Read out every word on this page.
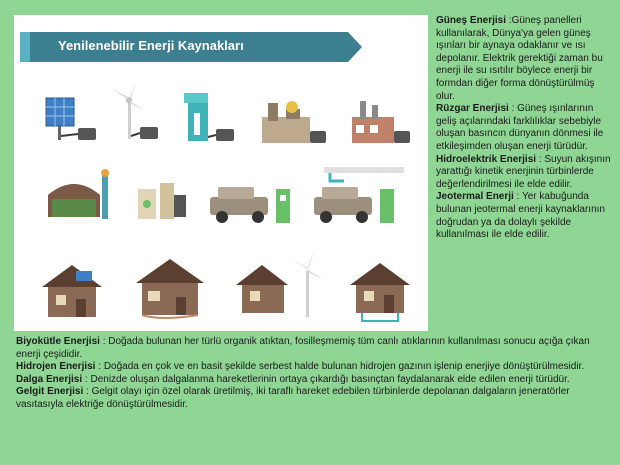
Yenilenebilir Enerji Kaynakları

Güneş Enerjisi :Güneş panelleri kullanılarak, Dünya'ya gelen güneş ışınları bir aynaya odaklanır ve ısı depolanır. Elektrik gerektiği zaman bu enerji ile su ısıtılır böylece enerji bir formdan diğer forma dönüştürülmüş olur.

Rüzgar Enerjisi : Güneş ışınlarının geliş açılarındaki farklılıklar sebebiyle oluşan basıncın dünyanın dönmesi ile etkileşimden oluşan enerji türüdür.

Hidroelektrik Enerjisi : Suyun akışının yarattığı kinetik enerjinin türbinlerde değerlendirilmesi ile elde edilir.

Jeotermal Enerji : Yer kabuğunda bulunan jeotermal enerji kaynaklarının doğrudan ya da dolaylı şekilde kullanılması ile elde edilir.

Biyokütle Enerjisi : Doğada bulunan her türlü organik atıktan, fosilleşmemiş tüm canlı atıklarının kullanılması sonucu açığa çıkan enerji çeşididir.

Hidrojen Enerjisi : Doğada en çok ve en basit şekilde serbest halde bulunan hidrojen gazının işlenip enerjiye dönüştürülmesidir.

Dalga Enerjisi : Denizde oluşan dalgalanma hareketlerinin ortaya çıkardığı basınçtan faydalanarak elde edilen enerji türüdür.

Gelgit Enerjisi : Gelgit olayı için özel olarak üretilmiş, iki taraflı hareket edebilen türbinlerde depolanan dalgaların jeneratörler vasıtasıyla elektriğe dönüştürülmesidir.
